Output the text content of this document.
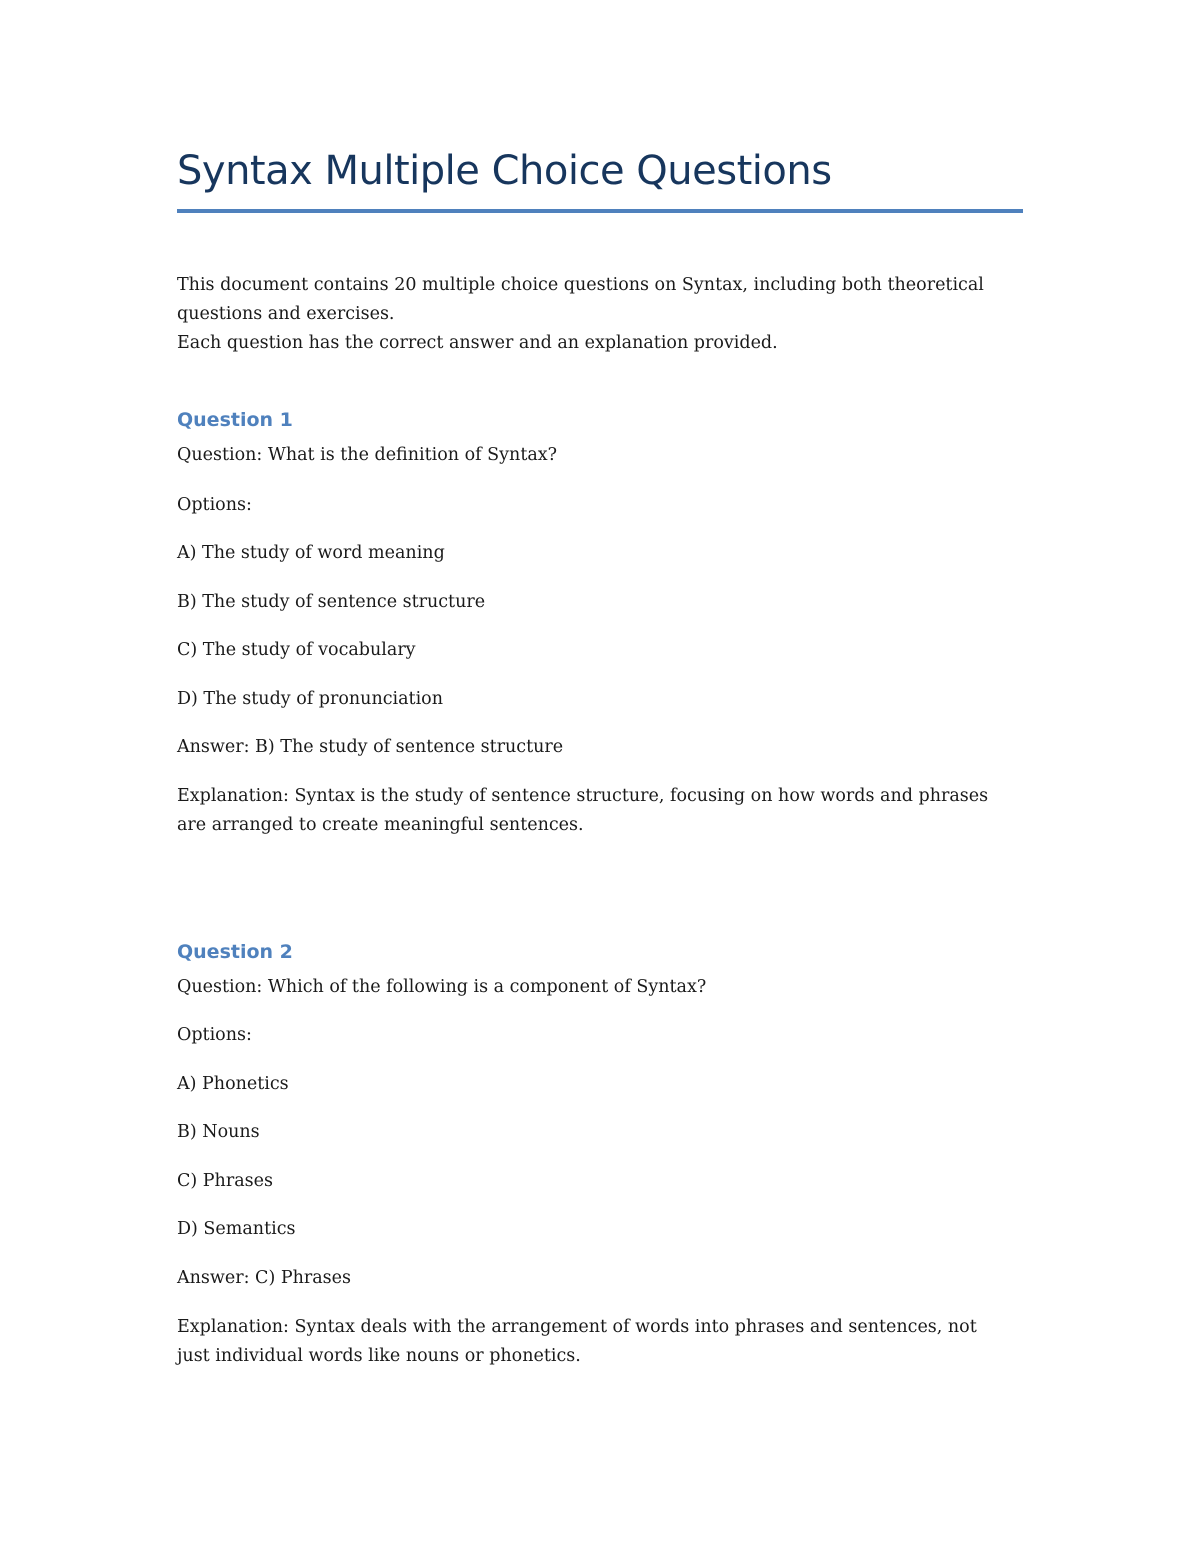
Syntax Multiple Choice Questions

This document contains 20 multiple choice questions on Syntax, including both theoretical

questions and exercises.

Each question has the correct answer and an explanation provided.

Question 1

Question: What is the definition of Syntax?

Options:

A) The study of word meaning

B) The study of sentence structure

C) The study of vocabulary

D) The study of pronunciation

Answer: B) The study of sentence structure

Explanation: Syntax is the study of sentence structure, focusing on how words and phrases

are arranged to create meaningful sentences.

Question 2

Question: Which of the following is a component of Syntax?

Options:

A) Phonetics

B) Nouns

C) Phrases

D) Semantics

Answer: C) Phrases

Explanation: Syntax deals with the arrangement of words into phrases and sentences, not

just individual words like nouns or phonetics.
